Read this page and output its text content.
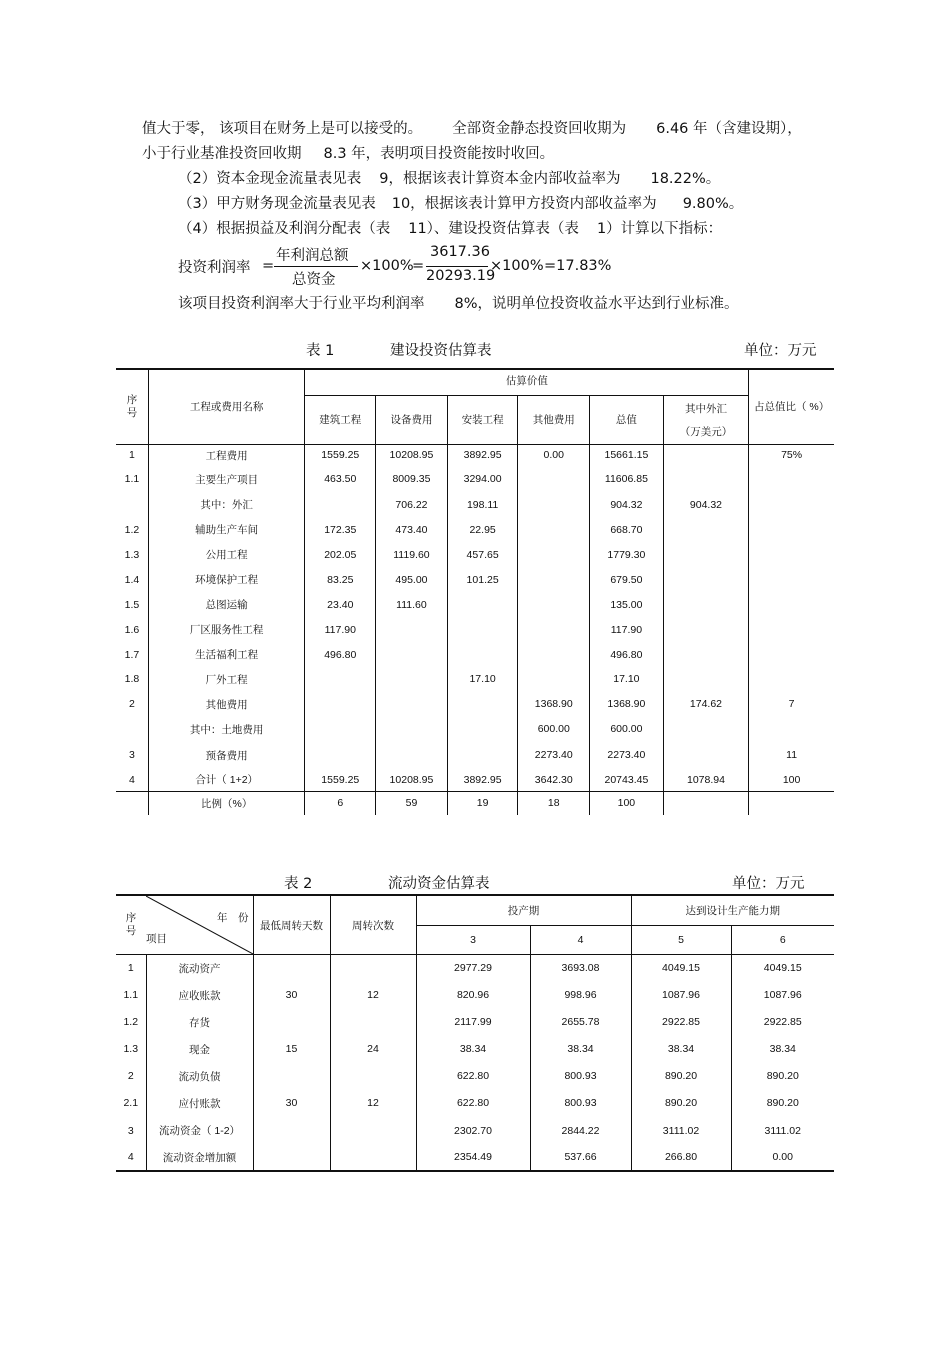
值大于零， 该项目在财务上是可以接受的。 全部资金静态投资回收期为 6.46 年（含建设期），
小于行业基准投资回收期 8.3 年，表明项目投资能按时收回。
（2）资本金现金流量表见表 9，根据该表计算资本金内部收益率为 18.22%。
（3）甲方财务现金流量表见表 10，根据该表计算甲方投资内部收益率为 9.80%。
（4）根据损益及利润分配表（表 11）、建设投资估算表（表 1）计算以下指标：
投资利润率 =
年利润总额
总资金
×100%
=
3617.36
20293.19
×100% =17.83%
该项目投资利润率大于行业平均利润率 8%，说明单位投资收益水平达到行业标准。
表 1	建设投资估算表	单位：万元
序号	工程或费用名称	估算价值						占总值比（ %）
		建筑工程	设备费用	安装工程	其他费用	总值	其中外汇
（万美元）	

1	工程费用	1559.25	10208.95	3892.95	0.00	15661.15		75%
1.1	主要生产项目	463.50	8009.35	3294.00		11606.85		
	其中：外汇		706.22	198.11		904.32	904.32	
1.2	辅助生产车间	172.35	473.40	22.95		668.70		
1.3	公用工程	202.05	1119.60	457.65		1779.30		
1.4	环境保护工程	83.25	495.00	101.25		679.50		
1.5	总图运输	23.40	111.60			135.00		
1.6	厂区服务性工程	117.90				117.90		
1.7	生活福利工程	496.80				496.80		
1.8	厂外工程			17.10		17.10		
2	其他费用				1368.90	1368.90	174.62	7
	其中：土地费用				600.00	600.00		
3	预备费用				2273.40	2273.40		11
4	合计（ 1+2）	1559.25	10208.95	3892.95	3642.30	20743.45	1078.94	100
	比例（%）	6	59	19	18	100		
表 2	流动资金估算表	单位：万元
序号	年　份
项目	最低周转天数	周转次数	投产期		达到设计生产能力期	
				3	4	5	6
1	流动资产			2977.29	3693.08	4049.15	4049.15
1.1	应收账款	30	12	820.96	998.96	1087.96	1087.96
1.2	存货			2117.99	2655.78	2922.85	2922.85
1.3	现金	15	24	38.34	38.34	38.34	38.34
2	流动负债			622.80	800.93	890.20	890.20
2.1	应付账款	30	12	622.80	800.93	890.20	890.20
3	流动资金（ 1-2）			2302.70	2844.22	3111.02	3111.02
4	流动资金增加额			2354.49	537.66	266.80	0.00
